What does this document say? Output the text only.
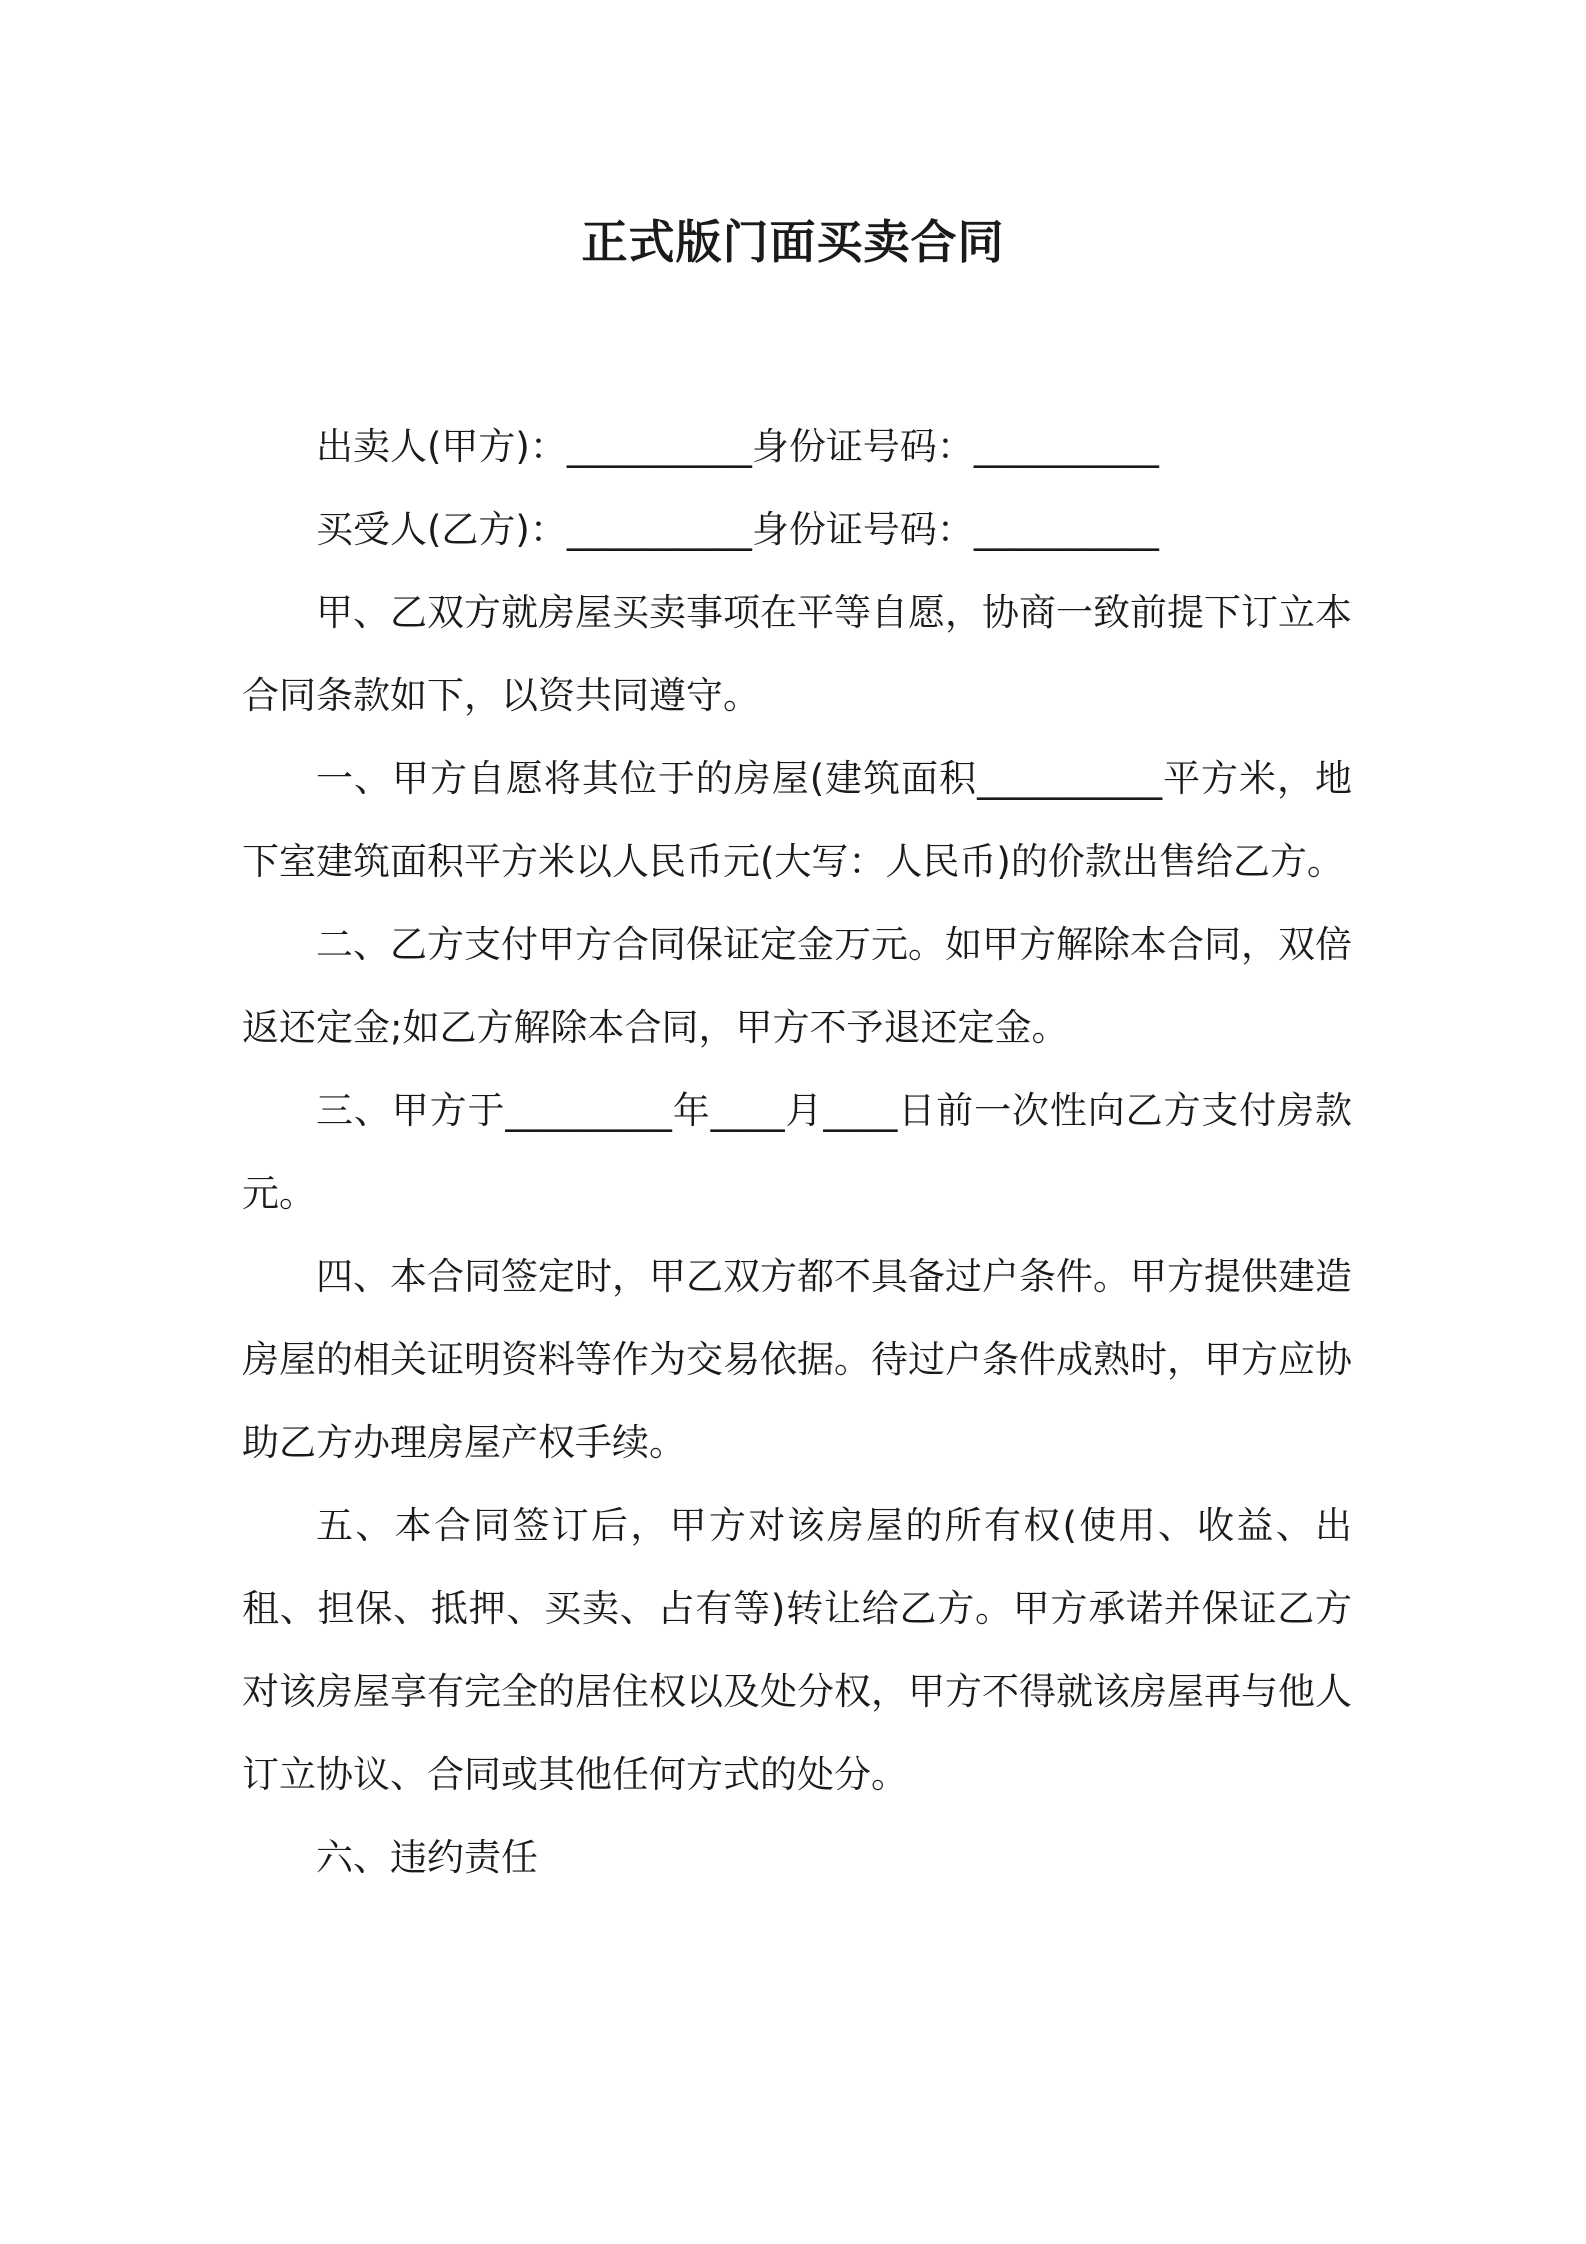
正式版门面买卖合同

出卖人(甲方)：__________身份证号码：__________

买受人(乙方)：__________身份证号码：__________

甲、乙双方就房屋买卖事项在平等自愿，协商一致前提下订立本合同条款如下，以资共同遵守。

一、甲方自愿将其位于的房屋(建筑面积__________平方米，地下室建筑面积平方米以人民币元(大写：人民币)的价款出售给乙方。

二、乙方支付甲方合同保证定金万元。如甲方解除本合同，双倍返还定金;如乙方解除本合同，甲方不予退还定金。

三、甲方于_________年____月____日前一次性向乙方支付房款元。

四、本合同签定时，甲乙双方都不具备过户条件。甲方提供建造房屋的相关证明资料等作为交易依据。待过户条件成熟时，甲方应协助乙方办理房屋产权手续。

五、本合同签订后，甲方对该房屋的所有权(使用、收益、出租、担保、抵押、买卖、占有等)转让给乙方。甲方承诺并保证乙方对该房屋享有完全的居住权以及处分权，甲方不得就该房屋再与他人订立协议、合同或其他任何方式的处分。

六、违约责任
